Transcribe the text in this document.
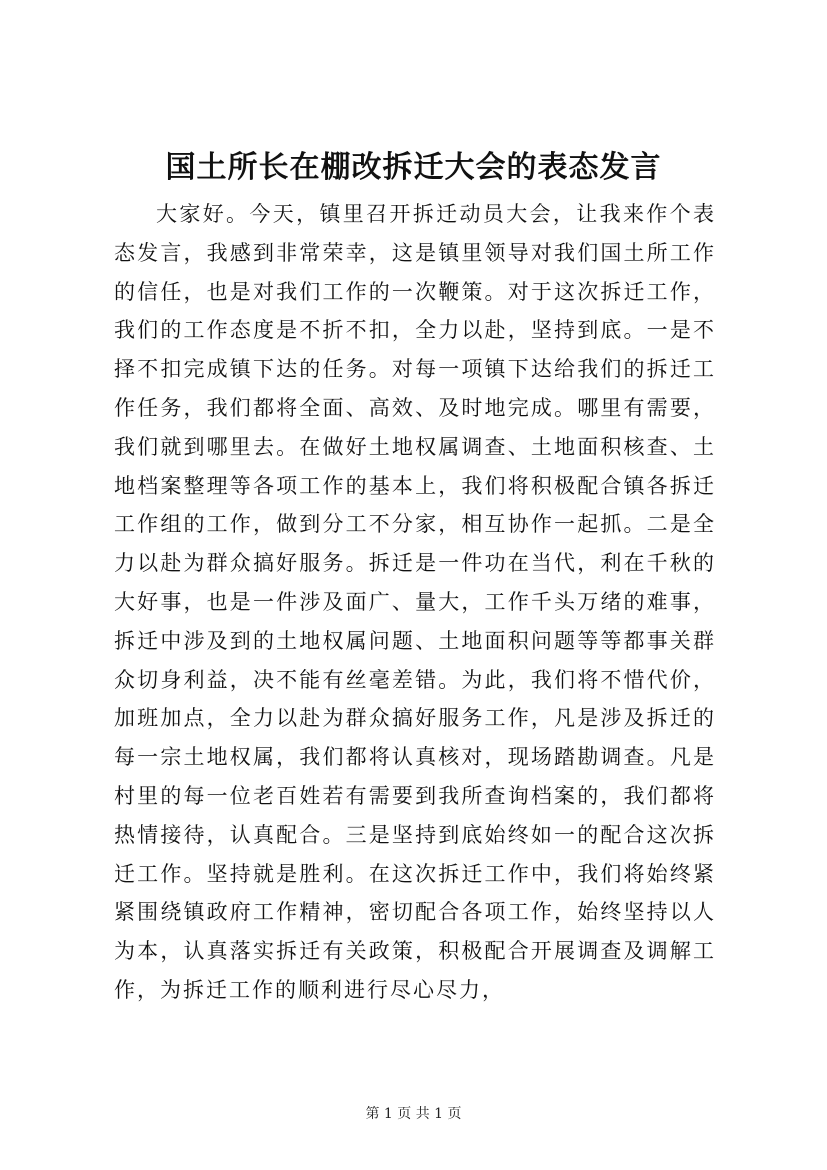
国土所长在棚改拆迁大会的表态发言

大家好。今天，镇里召开拆迁动员大会，让我来作个表态发言，我感到非常荣幸，这是镇里领导对我们国土所工作的信任，也是对我们工作的一次鞭策。对于这次拆迁工作，我们的工作态度是不折不扣，全力以赴，坚持到底。一是不择不扣完成镇下达的任务。对每一项镇下达给我们的拆迁工作任务，我们都将全面、高效、及时地完成。哪里有需要，我们就到哪里去。在做好土地权属调查、土地面积核查、土地档案整理等各项工作的基本上，我们将积极配合镇各拆迁工作组的工作，做到分工不分家，相互协作一起抓。二是全力以赴为群众搞好服务。拆迁是一件功在当代，利在千秋的大好事，也是一件涉及面广、量大，工作千头万绪的难事，拆迁中涉及到的土地权属问题、土地面积问题等等都事关群众切身利益，决不能有丝毫差错。为此，我们将不惜代价，加班加点，全力以赴为群众搞好服务工作，凡是涉及拆迁的每一宗土地权属，我们都将认真核对，现场踏勘调查。凡是村里的每一位老百姓若有需要到我所查询档案的，我们都将热情接待，认真配合。三是坚持到底始终如一的配合这次拆迁工作。坚持就是胜利。在这次拆迁工作中，我们将始终紧紧围绕镇政府工作精神，密切配合各项工作，始终坚持以人为本，认真落实拆迁有关政策，积极配合开展调查及调解工作，为拆迁工作的顺利进行尽心尽力，

第 1 页 共 1 页
